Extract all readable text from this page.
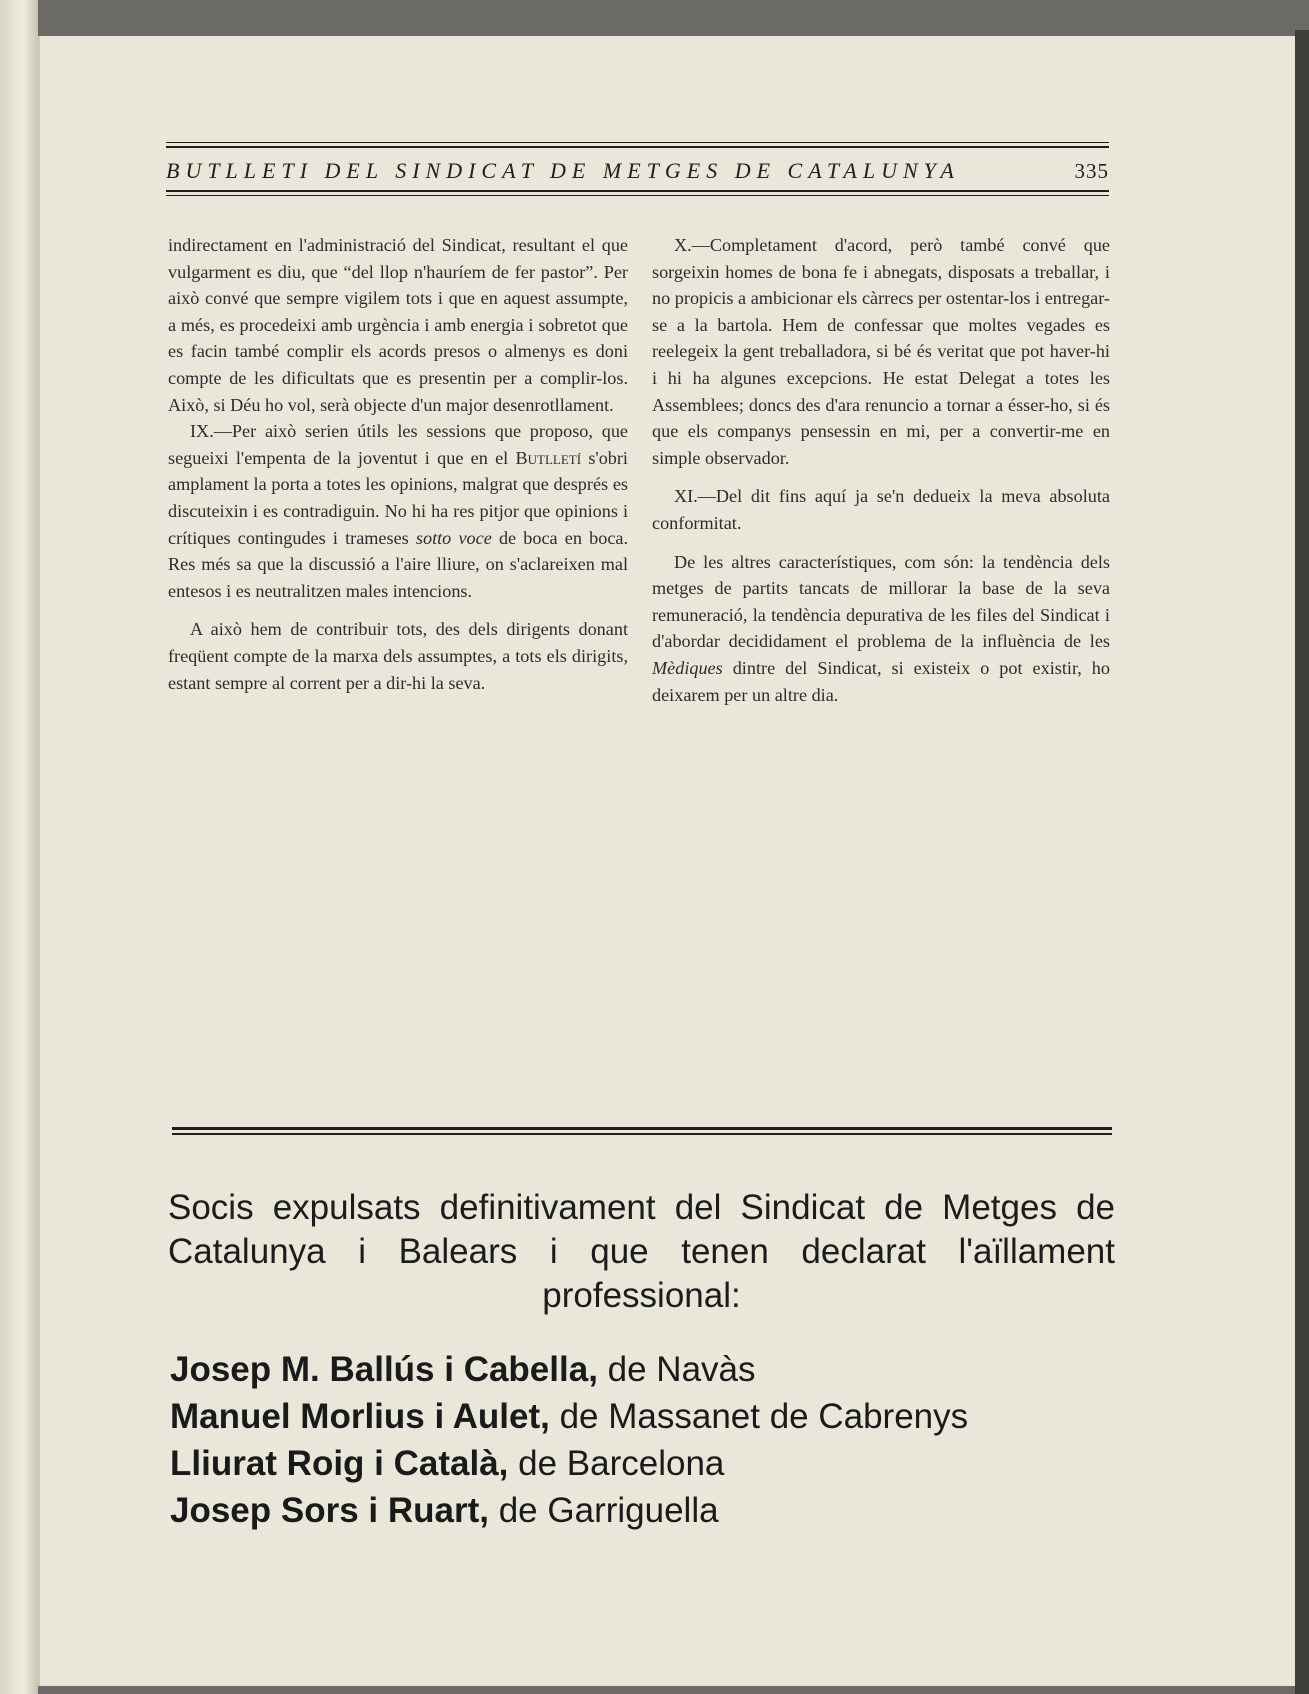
BUTLLETI DEL SINDICAT DE METGES DE CATALUNYA	335

indirectament en l'administració del Sindicat, resultant el que vulgarment es diu, que “del llop n'hauríem de fer pastor”. Per això convé que sempre vigilem tots i que en aquest assumpte, a més, es procedeixi amb urgència i amb energia i sobretot que es facin també complir els acords presos o almenys es doni compte de les dificultats que es presentin per a complir-los. Això, si Déu ho vol, serà objecte d'un major desenrotllament.

IX.—Per això serien útils les sessions que proposo, que segueixi l'empenta de la joventut i que en el Butlletí s'obri amplament la porta a totes les opinions, malgrat que després es discuteixin i es contradiguin. No hi ha res pitjor que opinions i crítiques contingudes i trameses sotto voce de boca en boca. Res més sa que la discussió a l'aire lliure, on s'aclareixen mal entesos i es neutralitzen males intencions.

A això hem de contribuir tots, des dels dirigents donant freqüent compte de la marxa dels assumptes, a tots els dirigits, estant sempre al corrent per a dir-hi la seva.

X.—Completament d'acord, però també convé que sorgeixin homes de bona fe i abnegats, disposats a treballar, i no propicis a ambicionar els càrrecs per ostentar-los i entregar-se a la bartola. Hem de confessar que moltes vegades es reelegeix la gent treballadora, si bé és veritat que pot haver-hi i hi ha algunes excepcions. He estat Delegat a totes les Assemblees; doncs des d'ara renuncio a tornar a ésser-ho, si és que els companys pensessin en mi, per a convertir-me en simple observador.

XI.—Del dit fins aquí ja se'n dedueix la meva absoluta conformitat.

De les altres característiques, com són: la tendència dels metges de partits tancats de millorar la base de la seva remuneració, la tendència depurativa de les files del Sindicat i d'abordar decididament el problema de la influència de les Mèdiques dintre del Sindicat, si existeix o pot existir, ho deixarem per un altre dia.

Socis expulsats definitivament del Sindicat de Metges de Catalunya i Balears i que tenen declarat l'aïllament professional:
Josep M. Ballús i Cabella, de Navàs
Manuel Morlius i Aulet, de Massanet de Cabrenys
Lliurat Roig i Català, de Barcelona
Josep Sors i Ruart, de Garriguella
